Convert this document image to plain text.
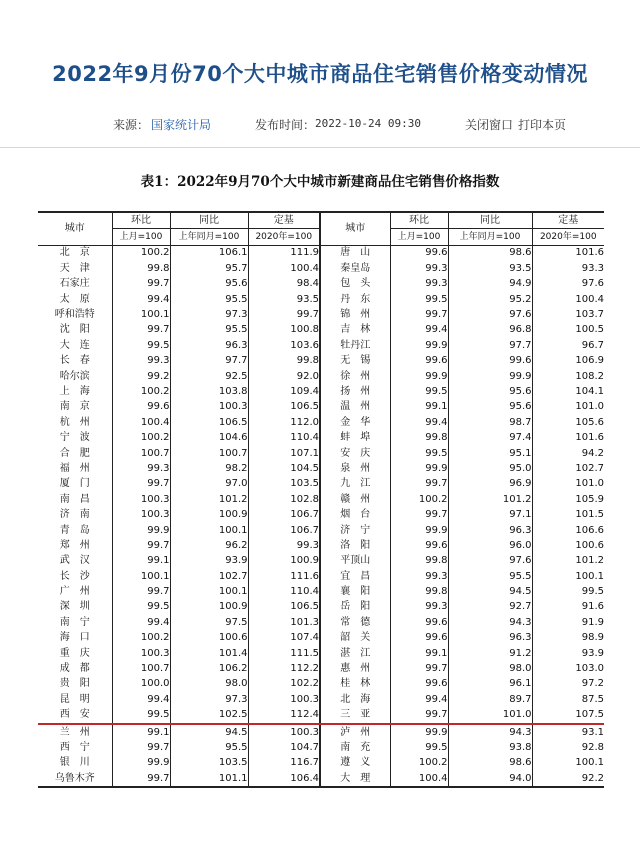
2022年9月份70个大中城市商品住宅销售价格变动情况
来源： 国家统计局	发布时间： 2022-10-24 09:30	关闭窗口 打印本页
表1：2022年9月70个大中城市新建商品住宅销售价格指数
城市	环比	同比	定基	城市	环比	同比	定基
	上月=100	上年同月=100	2020年=100		上月=100	上年同月=100	2020年=100
北　京	100.2	106.1	111.9	唐　山	99.6	98.6	101.6
天　津	99.8	95.7	100.4	秦皇岛	99.3	93.5	93.3
石家庄	99.7	95.6	98.4	包　头	99.3	94.9	97.6
太　原	99.4	95.5	93.5	丹　东	99.5	95.2	100.4
呼和浩特	100.1	97.3	99.7	锦　州	99.7	97.6	103.7
沈　阳	99.7	95.5	100.8	吉　林	99.4	96.8	100.5
大　连	99.5	96.3	103.6	牡丹江	99.9	97.7	96.7
长　春	99.3	97.7	99.8	无　锡	99.6	99.6	106.9
哈尔滨	99.2	92.5	92.0	徐　州	99.9	99.9	108.2
上　海	100.2	103.8	109.4	扬　州	99.5	95.6	104.1
南　京	99.6	100.3	106.5	温　州	99.1	95.6	101.0
杭　州	100.4	106.5	112.0	金　华	99.4	98.7	105.6
宁　波	100.2	104.6	110.4	蚌　埠	99.8	97.4	101.6
合　肥	100.7	100.7	107.1	安　庆	99.5	95.1	94.2
福　州	99.3	98.2	104.5	泉　州	99.9	95.0	102.7
厦　门	99.7	97.0	103.5	九　江	99.7	96.9	101.0
南　昌	100.3	101.2	102.8	赣　州	100.2	101.2	105.9
济　南	100.3	100.9	106.7	烟　台	99.7	97.1	101.5
青　岛	99.9	100.1	106.7	济　宁	99.9	96.3	106.6
郑　州	99.7	96.2	99.3	洛　阳	99.6	96.0	100.6
武　汉	99.1	93.9	100.9	平顶山	99.8	97.6	101.2
长　沙	100.1	102.7	111.6	宜　昌	99.3	95.5	100.1
广　州	99.7	100.1	110.4	襄　阳	99.8	94.5	99.5
深　圳	99.5	100.9	106.5	岳　阳	99.3	92.7	91.6
南　宁	99.4	97.5	101.3	常　德	99.6	94.3	91.9
海　口	100.2	100.6	107.4	韶　关	99.6	96.3	98.9
重　庆	100.3	101.4	111.5	湛　江	99.1	91.2	93.9
成　都	100.7	106.2	112.2	惠　州	99.7	98.0	103.0
贵　阳	100.0	98.0	102.2	桂　林	99.6	96.1	97.2
昆　明	99.4	97.3	100.3	北　海	99.4	89.7	87.5
西　安	99.5	102.5	112.4	三　亚	99.7	101.0	107.5
兰　州	99.1	94.5	100.3	泸　州	99.9	94.3	93.1
西　宁	99.7	95.5	104.7	南　充	99.5	93.8	92.8
银　川	99.9	103.5	116.7	遵　义	100.2	98.6	100.1
乌鲁木齐	99.7	101.1	106.4	大　理	100.4	94.0	92.2
